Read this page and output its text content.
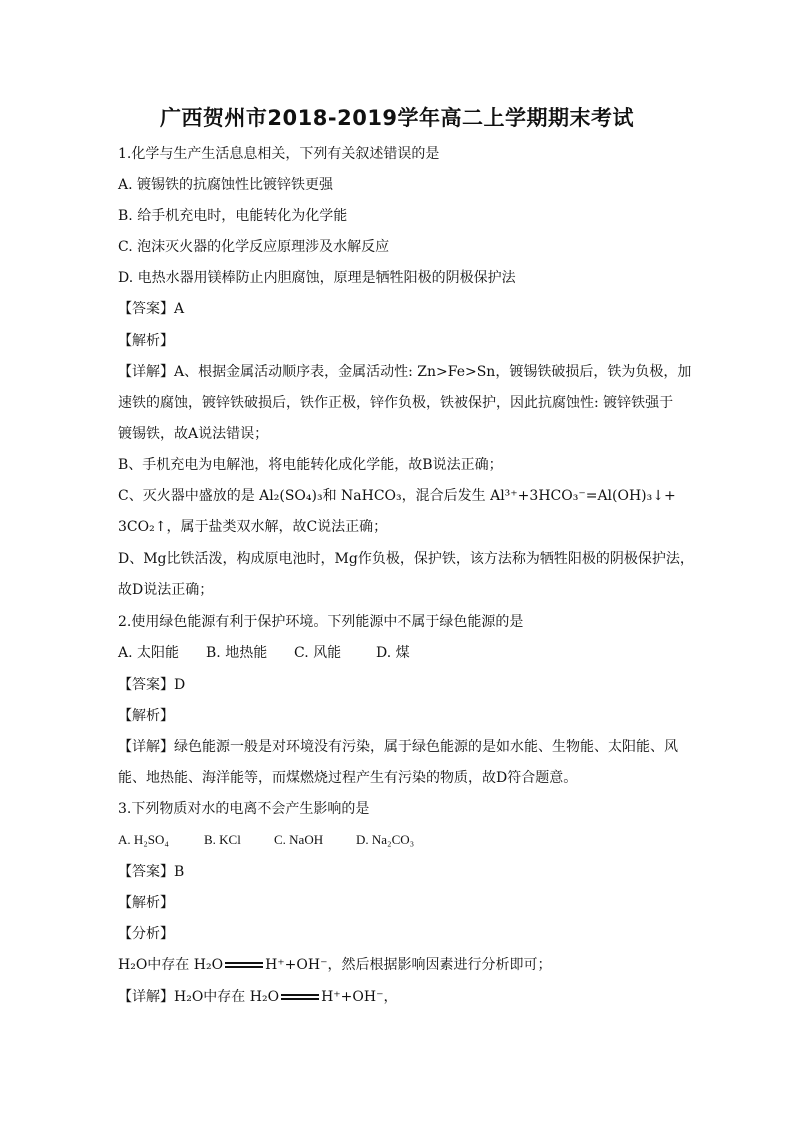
广西贺州市2018-2019学年高二上学期期末考试
1.化学与生产生活息息相关，下列有关叙述错误的是
A. 镀锡铁的抗腐蚀性比镀锌铁更强
B. 给手机充电时，电能转化为化学能
C. 泡沫灭火器的化学反应原理涉及水解反应
D. 电热水器用镁棒防止内胆腐蚀，原理是牺牲阳极的阴极保护法
【答案】A
【解析】
【详解】A、根据金属活动顺序表，金属活动性: Zn>Fe>Sn，镀锡铁破损后，铁为负极，加
速铁的腐蚀，镀锌铁破损后，铁作正极，锌作负极，铁被保护，因此抗腐蚀性: 镀锌铁强于
镀锡铁，故A说法错误；
B、手机充电为电解池，将电能转化成化学能，故B说法正确；
C、灭火器中盛放的是 Al₂(SO₄)₃和 NaHCO₃，混合后发生 Al³⁺+3HCO₃⁻=Al(OH)₃↓+
3CO₂↑，属于盐类双水解，故C说法正确；
D、Mg比铁活泼，构成原电池时，Mg作负极，保护铁，该方法称为牺牲阳极的阴极保护法，
故D说法正确；
2.使用绿色能源有利于保护环境。下列能源中不属于绿色能源的是
A. 太阳能 B. 地热能 C. 风能 D. 煤
【答案】D
【解析】
【详解】绿色能源一般是对环境没有污染，属于绿色能源的是如水能、生物能、太阳能、风
能、地热能、海洋能等，而煤燃烧过程产生有污染的物质，故D符合题意。
3.下列物质对水的电离不会产生影响的是
A. H₂SO₄	B. KCl	C. NaOH	D. Na₂CO₃
【答案】B
【解析】
【分析】
H₂O中存在 H₂O	H⁺+OH⁻，然后根据影响因素进行分析即可；
【详解】H₂O中存在 H₂O	H⁺+OH⁻，
